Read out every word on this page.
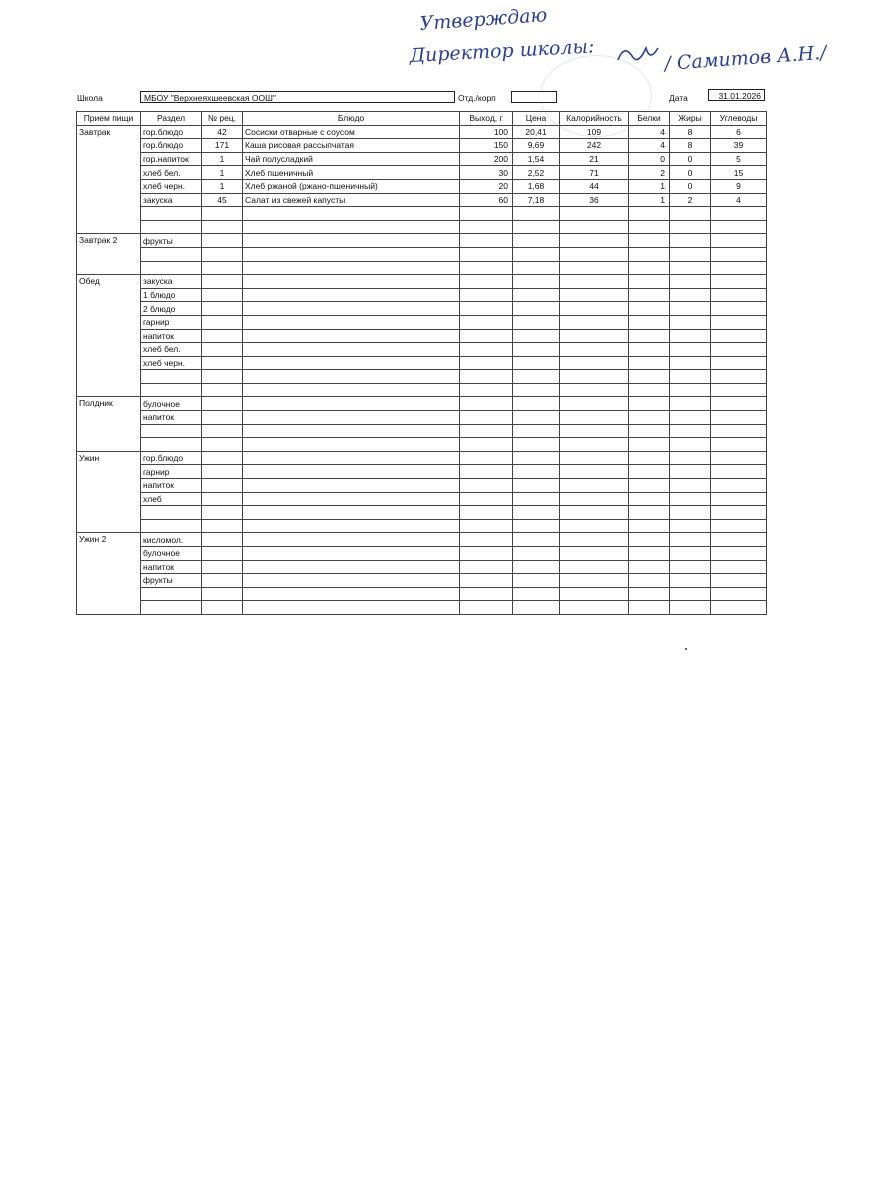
Утверждаю
Директор школы:	/ Самитов А.Н./
Школа	МБОУ "Верхнеяхшеевская ООШ"	Отд./корп	Дата	31.01.2026
Прием пищи	Раздел	№ рец.	Блюдо	Выход, г	Цена	Калорийность	Белки	Жиры	Углеводы
Завтрак	гор.блюдо	42	Сосиски отварные с соусом	100	20,41	109	4	8	6
	гор.блюдо	171	Каша рисовая рассыпчатая	150	9,69	242	4	8	39
	гор.напиток	1	Чай полусладкий	200	1,54	21	0	0	5
	хлеб бел.	1	Хлеб пшеничный	30	2,52	71	2	0	15
	хлеб черн.	1	Хлеб ржаной (ржано-пшеничный)	20	1,68	44	1	0	9
	закуска	45	Салат из свежей капусты	60	7,18	36	1	2	4

Завтрак 2	фрукты								

Обед	закуска								
	1 блюдо								
	2 блюдо								
	гарнир								
	напиток								
	хлеб бел.								
	хлеб черн.								

Полдник	булочное								
	напиток								

Ужин	гор.блюдо								
	гарнир								
	напиток								
	хлеб								

Ужин 2	кисломол.								
	булочное								
	напиток								
	фрукты								
